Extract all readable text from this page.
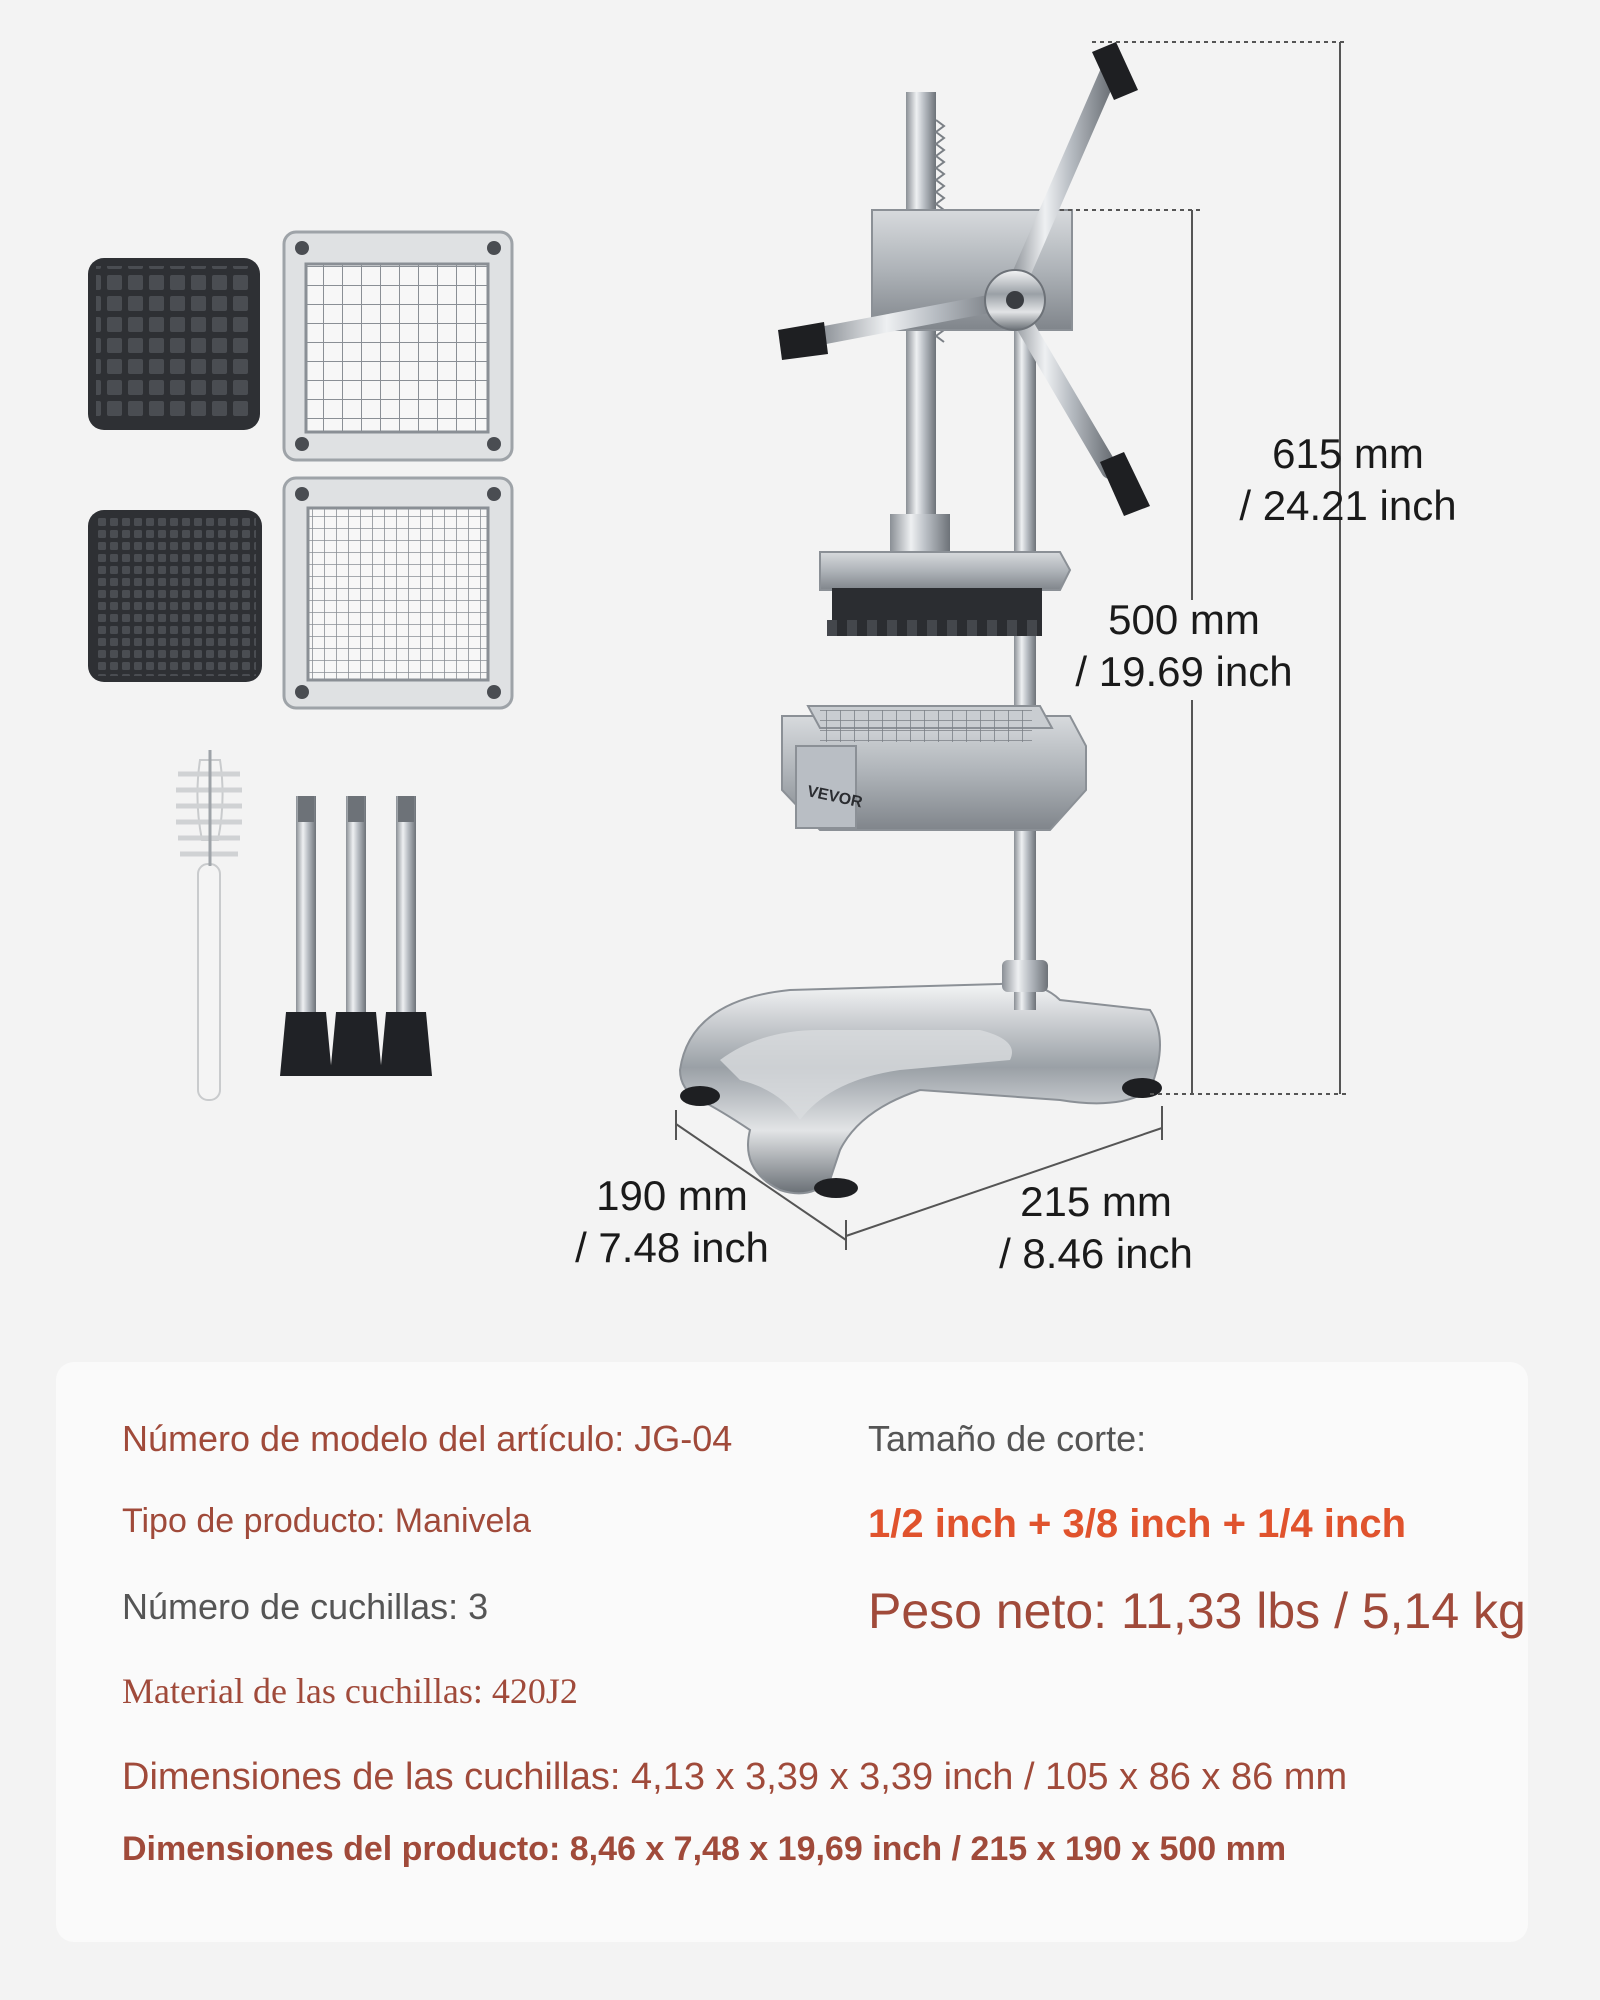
VEVOR
615 mm
/ 24.21 inch
500 mm
/ 19.69 inch
190 mm
/ 7.48 inch
215 mm
/ 8.46 inch
Número de modelo del artículo: JG-04	Tamaño de corte:
Tipo de producto: Manivela	1/2 inch + 3/8 inch + 1/4 inch
Número de cuchillas: 3	Peso neto: 11,33 lbs / 5,14 kg
Material de las cuchillas: 420J2
Dimensiones de las cuchillas: 4,13 x 3,39 x 3,39 inch / 105 x 86 x 86 mm
Dimensiones del producto: 8,46 x 7,48 x 19,69 inch / 215 x 190 x 500 mm
